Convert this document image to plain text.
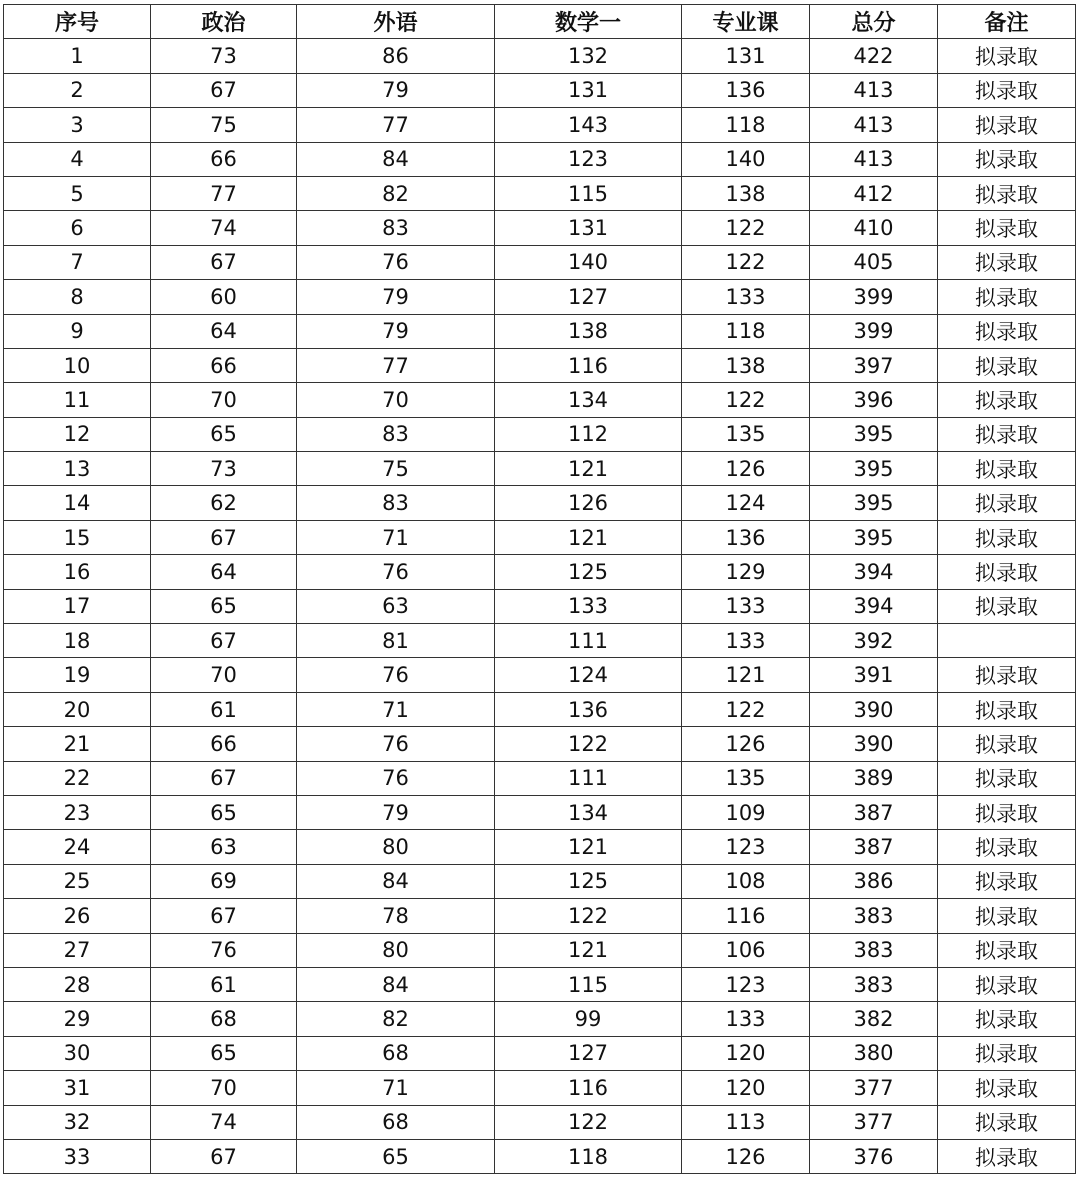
序号	政治	外语	数学一	专业课	总分	备注
1	73	86	132	131	422	拟录取
2	67	79	131	136	413	拟录取
3	75	77	143	118	413	拟录取
4	66	84	123	140	413	拟录取
5	77	82	115	138	412	拟录取
6	74	83	131	122	410	拟录取
7	67	76	140	122	405	拟录取
8	60	79	127	133	399	拟录取
9	64	79	138	118	399	拟录取
10	66	77	116	138	397	拟录取
11	70	70	134	122	396	拟录取
12	65	83	112	135	395	拟录取
13	73	75	121	126	395	拟录取
14	62	83	126	124	395	拟录取
15	67	71	121	136	395	拟录取
16	64	76	125	129	394	拟录取
17	65	63	133	133	394	拟录取
18	67	81	111	133	392	
19	70	76	124	121	391	拟录取
20	61	71	136	122	390	拟录取
21	66	76	122	126	390	拟录取
22	67	76	111	135	389	拟录取
23	65	79	134	109	387	拟录取
24	63	80	121	123	387	拟录取
25	69	84	125	108	386	拟录取
26	67	78	122	116	383	拟录取
27	76	80	121	106	383	拟录取
28	61	84	115	123	383	拟录取
29	68	82	99	133	382	拟录取
30	65	68	127	120	380	拟录取
31	70	71	116	120	377	拟录取
32	74	68	122	113	377	拟录取
33	67	65	118	126	376	拟录取
